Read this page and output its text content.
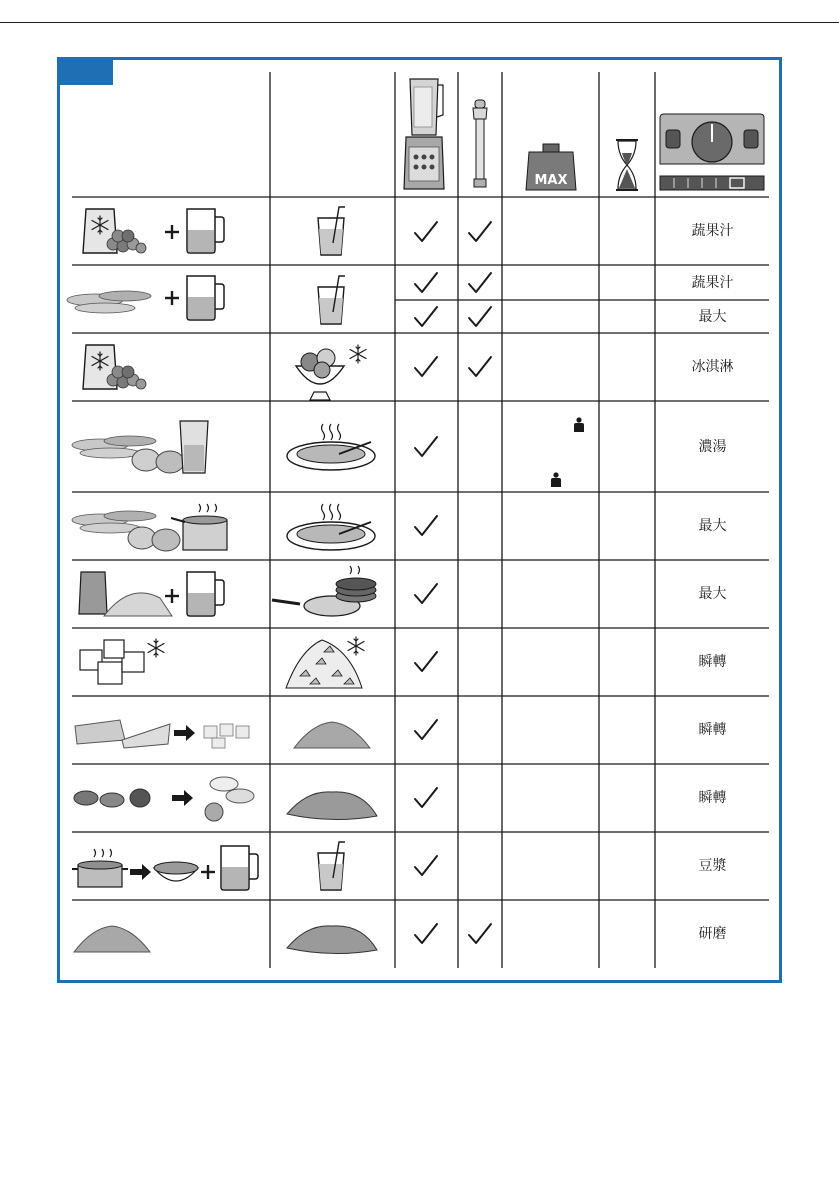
MAX
蔬果汁
蔬果汁
最大
冰淇淋
濃湯
最大
最大
瞬轉
瞬轉
瞬轉
豆漿
研磨
